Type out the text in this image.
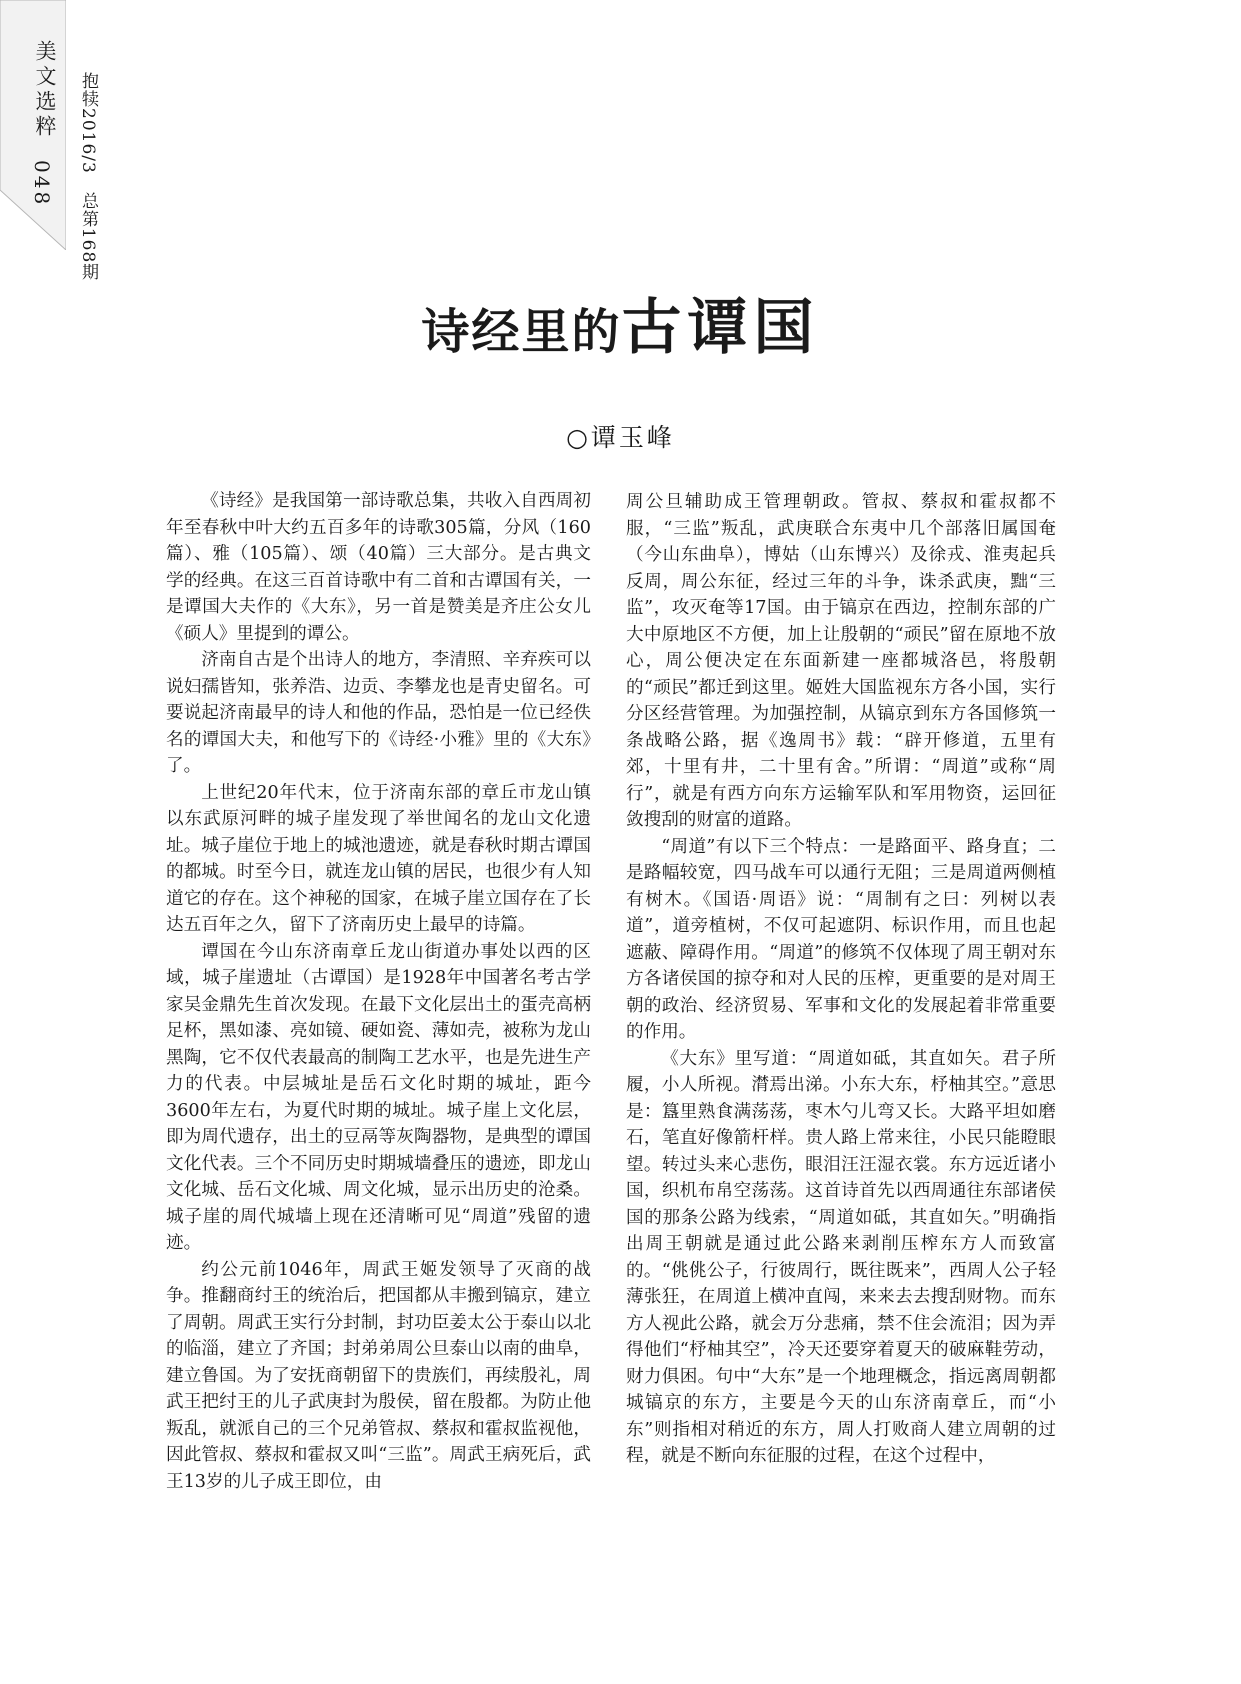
美文选粹
048 抱犊2016/3　总第168期
诗经里的古谭国
○谭玉峰

《诗经》是我国第一部诗歌总集，共收入自西周初年至春秋中叶大约五百多年的诗歌305篇，分风（160篇）、雅（105篇）、颂（40篇）三大部分。是古典文学的经典。在这三百首诗歌中有二首和古谭国有关，一是谭国大夫作的《大东》，另一首是赞美是齐庄公女儿《硕人》里提到的谭公。

济南自古是个出诗人的地方，李清照、辛弃疾可以说妇孺皆知，张养浩、边贡、李攀龙也是青史留名。可要说起济南最早的诗人和他的作品，恐怕是一位已经佚名的谭国大夫，和他写下的《诗经·小雅》里的《大东》了。

上世纪20年代末，位于济南东部的章丘市龙山镇以东武原河畔的城子崖发现了举世闻名的龙山文化遗址。城子崖位于地上的城池遗迹，就是春秋时期古谭国的都城。时至今日，就连龙山镇的居民，也很少有人知道它的存在。这个神秘的国家，在城子崖立国存在了长达五百年之久，留下了济南历史上最早的诗篇。

谭国在今山东济南章丘龙山街道办事处以西的区域，城子崖遗址（古谭国）是1928年中国著名考古学家吴金鼎先生首次发现。在最下文化层出土的蛋壳高柄足杯，黑如漆、亮如镜、硬如瓷、薄如壳，被称为龙山黑陶，它不仅代表最高的制陶工艺水平，也是先进生产力的代表。中层城址是岳石文化时期的城址，距今3600年左右，为夏代时期的城址。城子崖上文化层，即为周代遗存，出土的豆鬲等灰陶器物，是典型的谭国文化代表。三个不同历史时期城墙叠压的遗迹，即龙山文化城、岳石文化城、周文化城，显示出历史的沧桑。城子崖的周代城墙上现在还清晰可见“周道”残留的遗迹。

约公元前1046年，周武王姬发领导了灭商的战争。推翻商纣王的统治后，把国都从丰搬到镐京，建立了周朝。周武王实行分封制，封功臣姜太公于泰山以北的临淄，建立了齐国；封弟弟周公旦泰山以南的曲阜，建立鲁国。为了安抚商朝留下的贵族们，再续殷礼，周武王把纣王的儿子武庚封为殷侯，留在殷都。为防止他叛乱，就派自己的三个兄弟管叔、蔡叔和霍叔监视他，因此管叔、蔡叔和霍叔又叫“三监”。周武王病死后，武王13岁的儿子成王即位，由

周公旦辅助成王管理朝政。管叔、蔡叔和霍叔都不服，“三监”叛乱，武庚联合东夷中几个部落旧属国奄（今山东曲阜），博姑（山东博兴）及徐戎、淮夷起兵反周，周公东征，经过三年的斗争，诛杀武庚，黜“三监”，攻灭奄等17国。由于镐京在西边，控制东部的广大中原地区不方便，加上让殷朝的“顽民”留在原地不放心，周公便决定在东面新建一座都城洛邑，将殷朝的“顽民”都迁到这里。姬姓大国监视东方各小国，实行分区经营管理。为加强控制，从镐京到东方各国修筑一条战略公路，据《逸周书》载：“辟开修道，五里有郊，十里有井，二十里有舍。”所谓：“周道”或称“周行”，就是有西方向东方运输军队和军用物资，运回征敛搜刮的财富的道路。

“周道”有以下三个特点：一是路面平、路身直；二是路幅较宽，四马战车可以通行无阻；三是周道两侧植有树木。《国语·周语》说：“周制有之曰：列树以表道”，道旁植树，不仅可起遮阴、标识作用，而且也起遮蔽、障碍作用。“周道”的修筑不仅体现了周王朝对东方各诸侯国的掠夺和对人民的压榨，更重要的是对周王朝的政治、经济贸易、军事和文化的发展起着非常重要的作用。

《大东》里写道：“周道如砥，其直如矢。君子所履，小人所视。潸焉出涕。小东大东，杼柚其空。”意思是：簋里熟食满荡荡，枣木勺儿弯又长。大路平坦如磨石，笔直好像箭杆样。贵人路上常来往，小民只能瞪眼望。转过头来心悲伤，眼泪汪汪湿衣裳。东方远近诸小国，织机布帛空荡荡。这首诗首先以西周通往东部诸侯国的那条公路为线索，“周道如砥，其直如矢。”明确指出周王朝就是通过此公路来剥削压榨东方人而致富的。“佻佻公子，行彼周行，既往既来”，西周人公子轻薄张狂，在周道上横冲直闯，来来去去搜刮财物。而东方人视此公路，就会万分悲痛，禁不住会流泪；因为弄得他们“杼柚其空”，冷天还要穿着夏天的破麻鞋劳动，财力俱困。句中“大东”是一个地理概念，指远离周朝都城镐京的东方，主要是今天的山东济南章丘，而“小东”则指相对稍近的东方，周人打败商人建立周朝的过程，就是不断向东征服的过程，在这个过程中，
